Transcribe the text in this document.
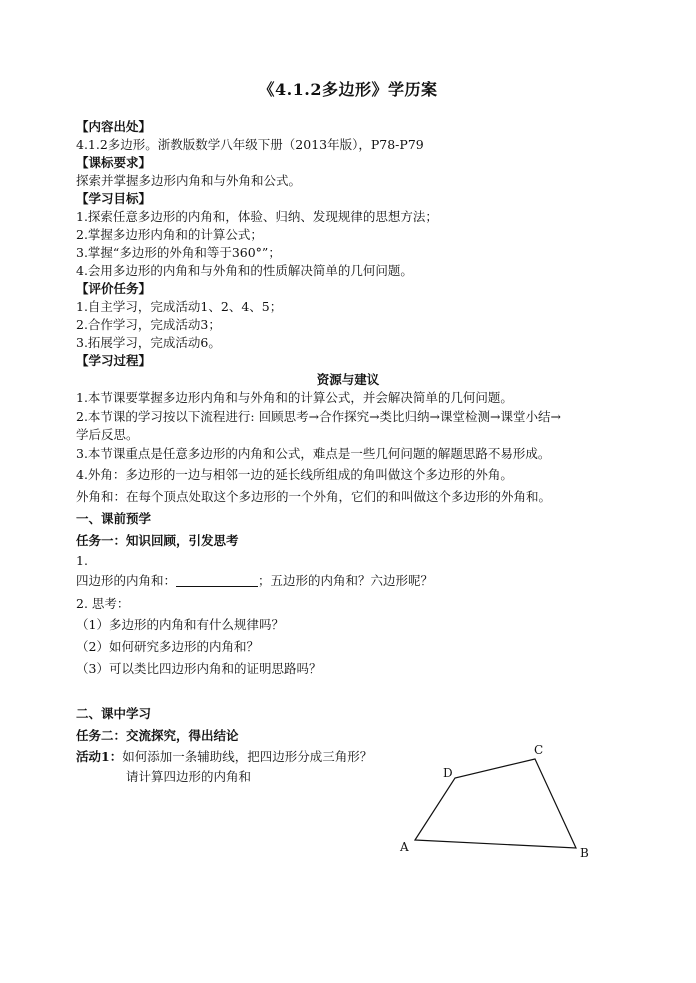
《4.1.2多边形》学历案
【内容出处】
4.1.2多边形。浙教版数学八年级下册（2013年版），P78-P79
【课标要求】
探索并掌握多边形内角和与外角和公式。
【学习目标】
1.探索任意多边形的内角和，体验、归纳、发现规律的思想方法；
2.掌握多边形内角和的计算公式；
3.掌握“多边形的外角和等于360°”；
4.会用多边形的内角和与外角和的性质解决简单的几何问题。
【评价任务】
1.自主学习，完成活动1、2、4、5；
2.合作学习，完成活动3；
3.拓展学习，完成活动6。
【学习过程】
资源与建议
1.本节课要掌握多边形内角和与外角和的计算公式，并会解决简单的几何问题。
2.本节课的学习按以下流程进行: 回顾思考→合作探究→类比归纳→课堂检测→课堂小结→
学后反思。
3.本节课重点是任意多边形的内角和公式，难点是一些几何问题的解题思路不易形成。
4.外角：多边形的一边与相邻一边的延长线所组成的角叫做这个多边形的外角。
外角和：在每个顶点处取这个多边形的一个外角，它们的和叫做这个多边形的外角和。
一、课前预学
任务一：知识回顾，引发思考
1.
四边形的内角和：	；五边形的内角和？六边形呢？
2. 思考：
（1）多边形的内角和有什么规律吗？
（2）如何研究多边形的内角和？
（3）可以类比四边形内角和的证明思路吗？
二、课中学习
任务二：交流探究，得出结论
活动1：如何添加一条辅助线，把四边形分成三角形？
请计算四边形的内角和
A	B
C
D
